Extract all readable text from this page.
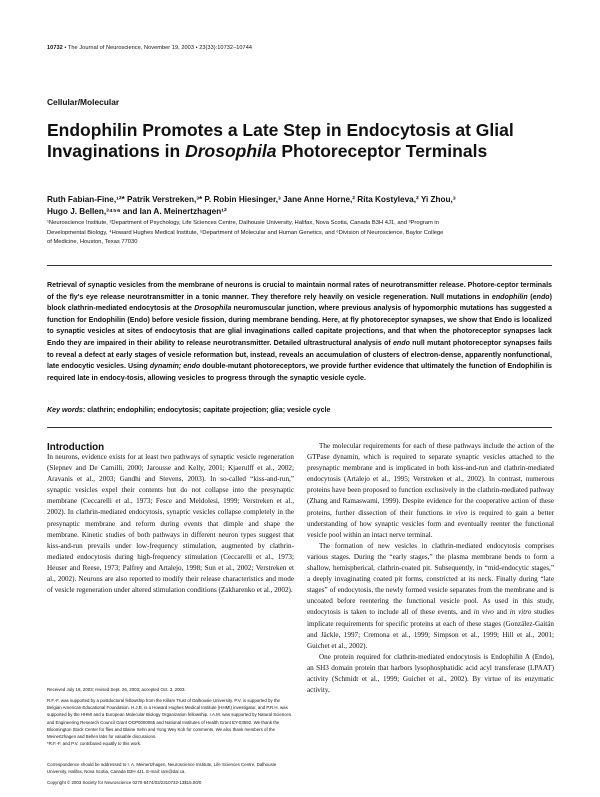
10732 • The Journal of Neuroscience, November 19, 2003 • 23(33):10732–10744
Cellular/Molecular
Endophilin Promotes a Late Step in Endocytosis at Glial
Invaginations in Drosophila Photoreceptor Terminals
Ruth Fabian-Fine,¹²* Patrik Verstreken,³* P. Robin Hiesinger,³ Jane Anne Horne,² Rita Kostyleva,² Yi Zhou,³
Hugo J. Bellen,³⁴⁵⁶ and Ian A. Meinertzhagen¹²
¹Neuroscience Institute, ²Department of Psychology, Life Sciences Centre, Dalhousie University, Halifax, Nova Scotia, Canada B3H 4J1, and ³Program in
Developmental Biology, ⁴Howard Hughes Medical Institute, ⁵Department of Molecular and Human Genetics, and ⁶Division of Neuroscience, Baylor College
of Medicine, Houston, Texas 77030
Retrieval of synaptic vesicles from the membrane of neurons is crucial to maintain normal rates of neurotransmitter release. Photore-ceptor terminals of the fly's eye release neurotransmitter in a tonic manner. They therefore rely heavily on vesicle regeneration. Null mutations in endophilin (endo) block clathrin-mediated endocytosis at the Drosophila neuromuscular junction, where previous analysis of hypomorphic mutations has suggested a function for Endophilin (Endo) before vesicle fission, during membrane bending. Here, at fly photoreceptor synapses, we show that Endo is localized to synaptic vesicles at sites of endocytosis that are glial invaginations called capitate projections, and that when the photoreceptor synapses lack Endo they are impaired in their ability to release neurotransmitter. Detailed ultrastructural analysis of endo null mutant photoreceptor synapses fails to reveal a defect at early stages of vesicle reformation but, instead, reveals an accumulation of clusters of electron-dense, apparently nonfunctional, late endocytic vesicles. Using dynamin; endo double-mutant photoreceptors, we provide further evidence that ultimately the function of Endophilin is required late in endocy-tosis, allowing vesicles to progress through the synaptic vesicle cycle.
Key words: clathrin; endophilin; endocytosis; capitate projection; glia; vesicle cycle
Introduction

In neurons, evidence exists for at least two pathways of synaptic vesicle regeneration (Slepnev and De Camilli, 2000; Jarousse and Kelly, 2001; Kjaerulff et al., 2002; Aravanis et al., 2003; Gandhi and Stevens, 2003). In so-called “kiss-and-run,” synaptic vesicles expel their contents but do not collapse into the presynaptic membrane (Ceccarelli et al., 1973; Fesce and Meldolesi, 1999; Verstreken et al., 2002). In clathrin-mediated endocytosis, synaptic vesicles collapse completely in the presynaptic membrane and reform during events that dimple and shape the membrane. Kinetic studies of both pathways in different neuron types suggest that kiss-and-run prevails under low-frequency stimulation, augmented by clathrin-mediated endocytosis during high-frequency stimulation (Ceccarelli et al., 1973; Heuser and Reese, 1973; Palfrey and Artalejo, 1998; Sun et al., 2002; Verstreken et al., 2002). Neurons are also reported to modify their release characteristics and mode of vesicle regeneration under altered stimulation conditions (Zakharenko et al., 2002).

The molecular requirements for each of these pathways include the action of the GTPase dynamin, which is required to separate synaptic vesicles attached to the presynaptic membrane and is implicated in both kiss-and-run and clathrin-mediated endocytosis (Artalejo et al., 1995; Verstreken et al., 2002). In contrast, numerous proteins have been proposed to function exclusively in the clathrin-mediated pathway (Zhang and Ramaswami, 1999). Despite evidence for the cooperative action of these proteins, further dissection of their functions in vivo is required to gain a better understanding of how synaptic vesicles form and eventually reenter the functional vesicle pool within an intact nerve terminal.

The formation of new vesicles in clathrin-mediated endocytosis comprises various stages. During the “early stages,” the plasma membrane bends to form a shallow, hemispherical, clathrin-coated pit. Subsequently, in “mid-endocytic stages,” a deeply invaginating coated pit forms, constricted at its neck. Finally during “late stages” of endocytosis, the newly formed vesicle separates from the membrane and is uncoated before reentering the functional vesicle pool. As used in this study, endocytosis is taken to include all of these events, and in vivo and in vitro studies implicate requirements for specific proteins at each of these stages (González-Gaitán and Jäckle, 1997; Cremona et al., 1999; Simpson et al., 1999; Hill et al., 2001; Guichet et al., 2002).

One protein required for clathrin-mediated endocytosis is Endophilin A (Endo), an SH3 domain protein that harbors lysophosphatidic acid acyl transferase (LPAAT) activity (Schmidt et al., 1999; Guichet et al., 2002). By virtue of its enzymatic activity,

Received July 18, 2003; revised Sept. 26, 2003; accepted Oct. 3, 2003.
R.F.-F. was supported by a postdoctoral fellowship from the Killam Trust of Dalhousie University. P.V. is supported by the Belgian American Educational Foundation. H.J.B. is a Howard Hughes Medical Institute (HHMI) investigator, and P.R.H. was supported by the HHMI and a European Molecular Biology Organization fellowship. I.A.M. was supported by Natural Sciences and Engineering Research Council Grant OGP0000065 and National Institutes of Health Grant EY-03592. We thank the Bloomington Stock Center for flies and Blaine Sehn and Yong Wey Koh for comments. We also thank members of the Meinertzhagen and Bellen labs for valuable discussions.
*R.F.-F. and P.V. contributed equally to this work.
Correspondence should be addressed to I. A. Meinertzhagen, Neuroscience Institute, Life Sciences Centre, Dalhousie University, Halifax, Nova Scotia, Canada B3H 4J1. E-mail: iam@dal.ca.
Copyright © 2003 Society for Neuroscience 0270-6474/03/2310732-13$15.00/0
